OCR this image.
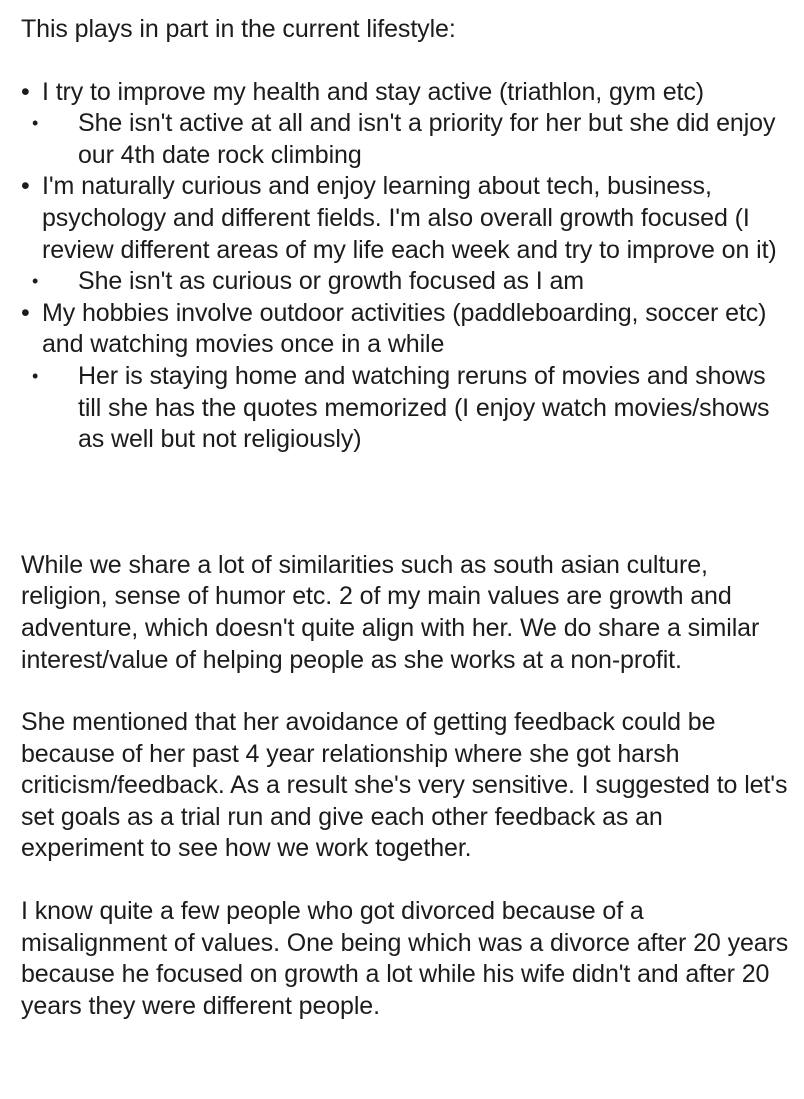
This plays in part in the current lifestyle:

• I try to improve my health and stay active (triathlon, gym etc)
• She isn't active at all and isn't a priority for her but she did enjoy our 4th date rock climbing
• I'm naturally curious and enjoy learning about tech, business, psychology and different fields. I'm also overall growth focused (I review different areas of my life each week and try to improve on it)
• She isn't as curious or growth focused as I am
• My hobbies involve outdoor activities (paddleboarding, soccer etc) and watching movies once in a while
• Her is staying home and watching reruns of movies and shows till she has the quotes memorized (I enjoy watch movies/shows as well but not religiously)

While we share a lot of similarities such as south asian culture, religion, sense of humor etc. 2 of my main values are growth and adventure, which doesn't quite align with her. We do share a similar interest/value of helping people as she works at a non-profit.

She mentioned that her avoidance of getting feedback could be because of her past 4 year relationship where she got harsh criticism/feedback. As a result she's very sensitive. I suggested to let's set goals as a trial run and give each other feedback as an experiment to see how we work together.

I know quite a few people who got divorced because of a misalignment of values. One being which was a divorce after 20 years because he focused on growth a lot while his wife didn't and after 20 years they were different people.
